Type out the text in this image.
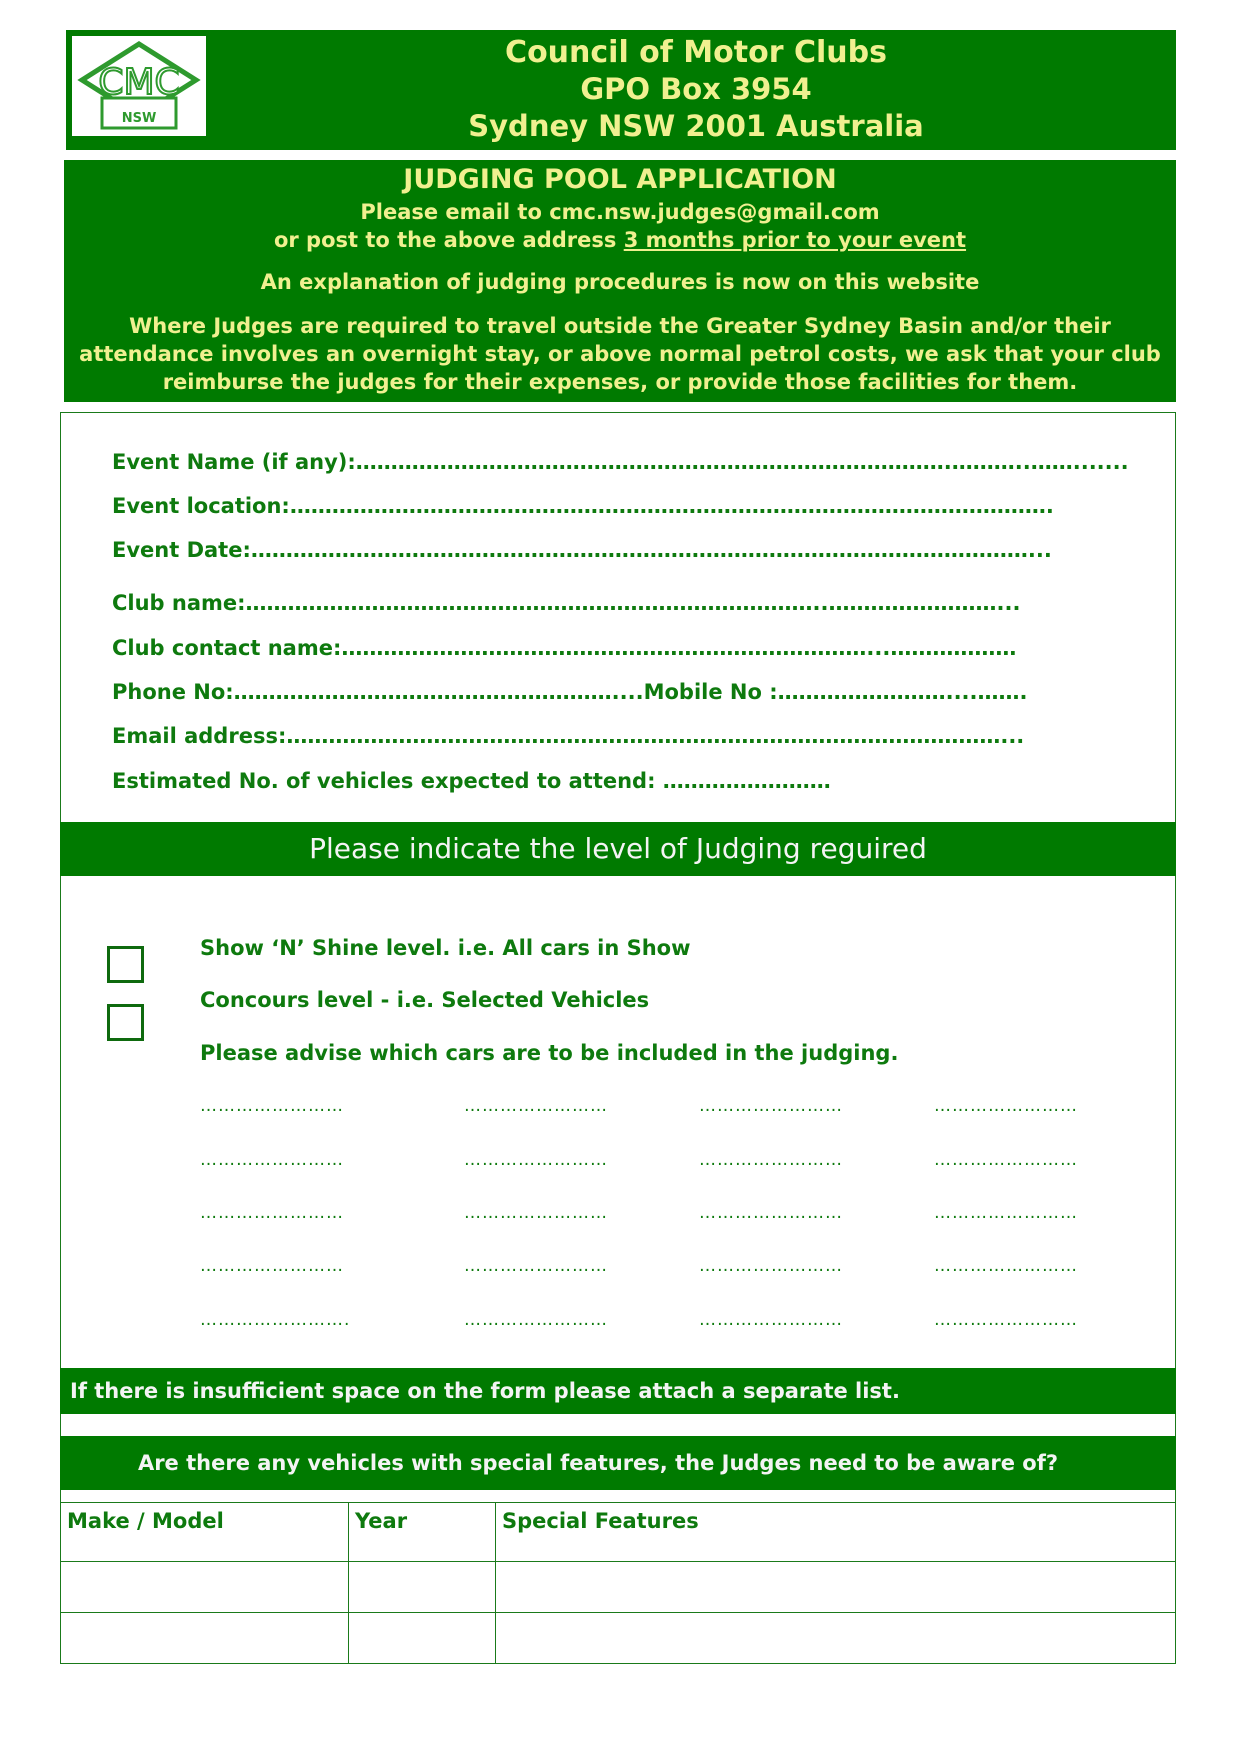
CMC
NSW
Council of Motor Clubs
GPO Box 3954
Sydney NSW 2001 Australia
JUDGING POOL APPLICATION
Please email to cmc.nsw.judges@gmail.com
or post to the above address 3 months prior to your event
An explanation of judging procedures is now on this website
Where Judges are required to travel outside the Greater Sydney Basin and/or their
attendance involves an overnight stay, or above normal petrol costs, we ask that your club
reimburse the judges for their expenses, or provide those facilities for them.
Event Name (if any):………………………………………………………………………….………..…….......
Event location:……………………………………………………………………………………………….
Event Date:…………………………………………………………………………………………………...
Club name:………………………………………………………………………..……………………...
Club contact name:…………………………………………………………………...………………
Phone No:………………………………………………....Mobile No :……………………....…….
Email address:…………………………………………………………………………………………...
Estimated No. of vehicles expected to attend: ……………………
Please indicate the level of Judging reguired
Show ‘N’ Shine level. i.e. All cars in Show
Concours level - i.e. Selected Vehicles
Please advise which cars are to be included in the judging.
……………………	……………………	……………………	……………………
……………………	……………………	……………………	……………………
……………………	……………………	……………………	……………………
……………………	……………………	……………………	……………………
…………………….	……………………	……………………	……………………
If there is insufficient space on the form please attach a separate list.
Are there any vehicles with special features, the Judges need to be aware of?
Make / Model	Year	Special Features
